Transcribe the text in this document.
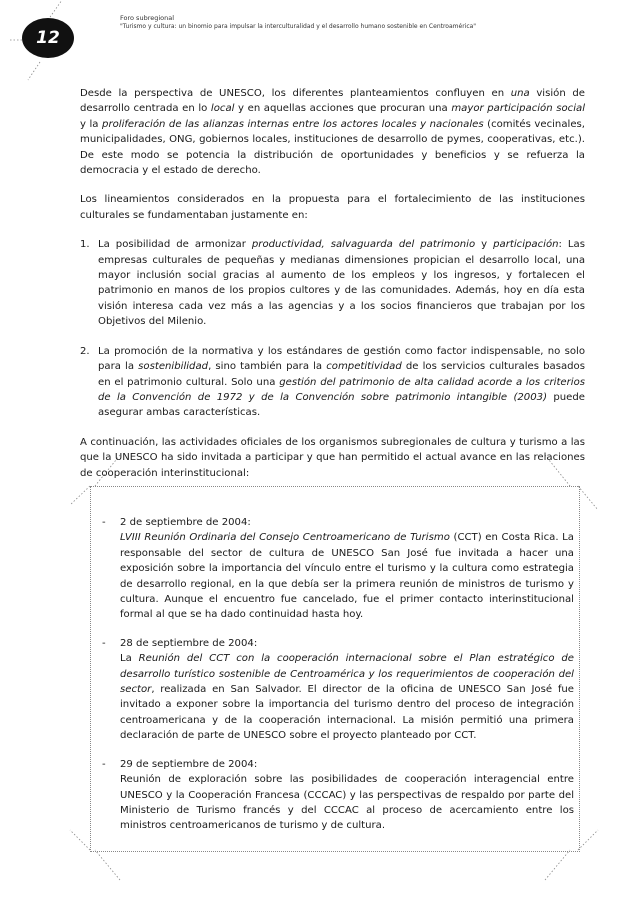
12
Foro subregional
"Turismo y cultura: un binomio para impulsar la interculturalidad y el desarrollo humano sostenible en Centroamérica"

Desde la perspectiva de UNESCO, los diferentes planteamientos confluyen en una visión de desarrollo centrada en lo local y en aquellas acciones que procuran una mayor participación social y la proliferación de las alianzas internas entre los actores locales y nacionales (comités vecinales, municipalidades, ONG, gobiernos locales, instituciones de desarrollo de pymes, cooperativas, etc.). De este modo se potencia la distribución de oportunidades y beneficios y se refuerza la democracia y el estado de derecho.

Los lineamientos considerados en la propuesta para el fortalecimiento de las instituciones culturales se fundamentaban justamente en:

1. La posibilidad de armonizar productividad, salvaguarda del patrimonio y participación: Las empresas culturales de pequeñas y medianas dimensiones propician el desarrollo local, una mayor inclusión social gracias al aumento de los empleos y los ingresos, y fortalecen el patrimonio en manos de los propios cultores y de las comunidades. Además, hoy en día esta visión interesa cada vez más a las agencias y a los socios financieros que trabajan por los Objetivos del Milenio.
2. La promoción de la normativa y los estándares de gestión como factor indispensable, no solo para la sostenibilidad, sino también para la competitividad de los servicios culturales basados en el patrimonio cultural. Solo una gestión del patrimonio de alta calidad acorde a los criterios de la Convención de 1972 y de la Convención sobre patrimonio intangible (2003) puede asegurar ambas características.

A continuación, las actividades oficiales de los organismos subregionales de cultura y turismo a las que la UNESCO ha sido invitada a participar y que han permitido el actual avance en las relaciones de cooperación interinstitucional:

- 2 de septiembre de 2004:
LVIII Reunión Ordinaria del Consejo Centroamericano de Turismo (CCT) en Costa Rica. La responsable del sector de cultura de UNESCO San José fue invitada a hacer una exposición sobre la importancia del vínculo entre el turismo y la cultura como estrategia de desarrollo regional, en la que debía ser la primera reunión de ministros de turismo y cultura. Aunque el encuentro fue cancelado, fue el primer contacto interinstitucional formal al que se ha dado continuidad hasta hoy.
- 28 de septiembre de 2004:
La Reunión del CCT con la cooperación internacional sobre el Plan estratégico de desarrollo turístico sostenible de Centroamérica y los requerimientos de cooperación del sector, realizada en San Salvador. El director de la oficina de UNESCO San José fue invitado a exponer sobre la importancia del turismo dentro del proceso de integración centroamericana y de la cooperación internacional. La misión permitió una primera declaración de parte de UNESCO sobre el proyecto planteado por CCT.
- 29 de septiembre de 2004:
Reunión de exploración sobre las posibilidades de cooperación interagencial entre UNESCO y la Cooperación Francesa (CCCAC) y las perspectivas de respaldo por parte del Ministerio de Turismo francés y del CCCAC al proceso de acercamiento entre los ministros centroamericanos de turismo y de cultura.
